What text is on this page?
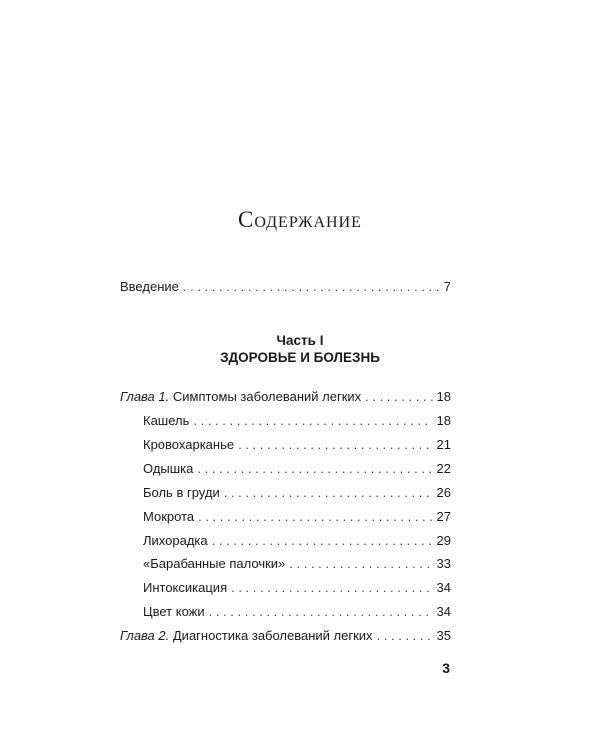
Содержание
Введение . . .	7
Часть I
ЗДОРОВЬЕ И БОЛЕЗНЬ
Глава 1. Симптомы заболеваний легких . . .	18
Кашель . . .	18
Кровохарканье . . .	21
Одышка . . .	22
Боль в груди . . .	26
Мокрота . . .	27
Лихорадка . . .	29
«Барабанные палочки» . . .	33
Интоксикация . . .	34
Цвет кожи . . .	34
Глава 2. Диагностика заболеваний легких . . .	35
3
